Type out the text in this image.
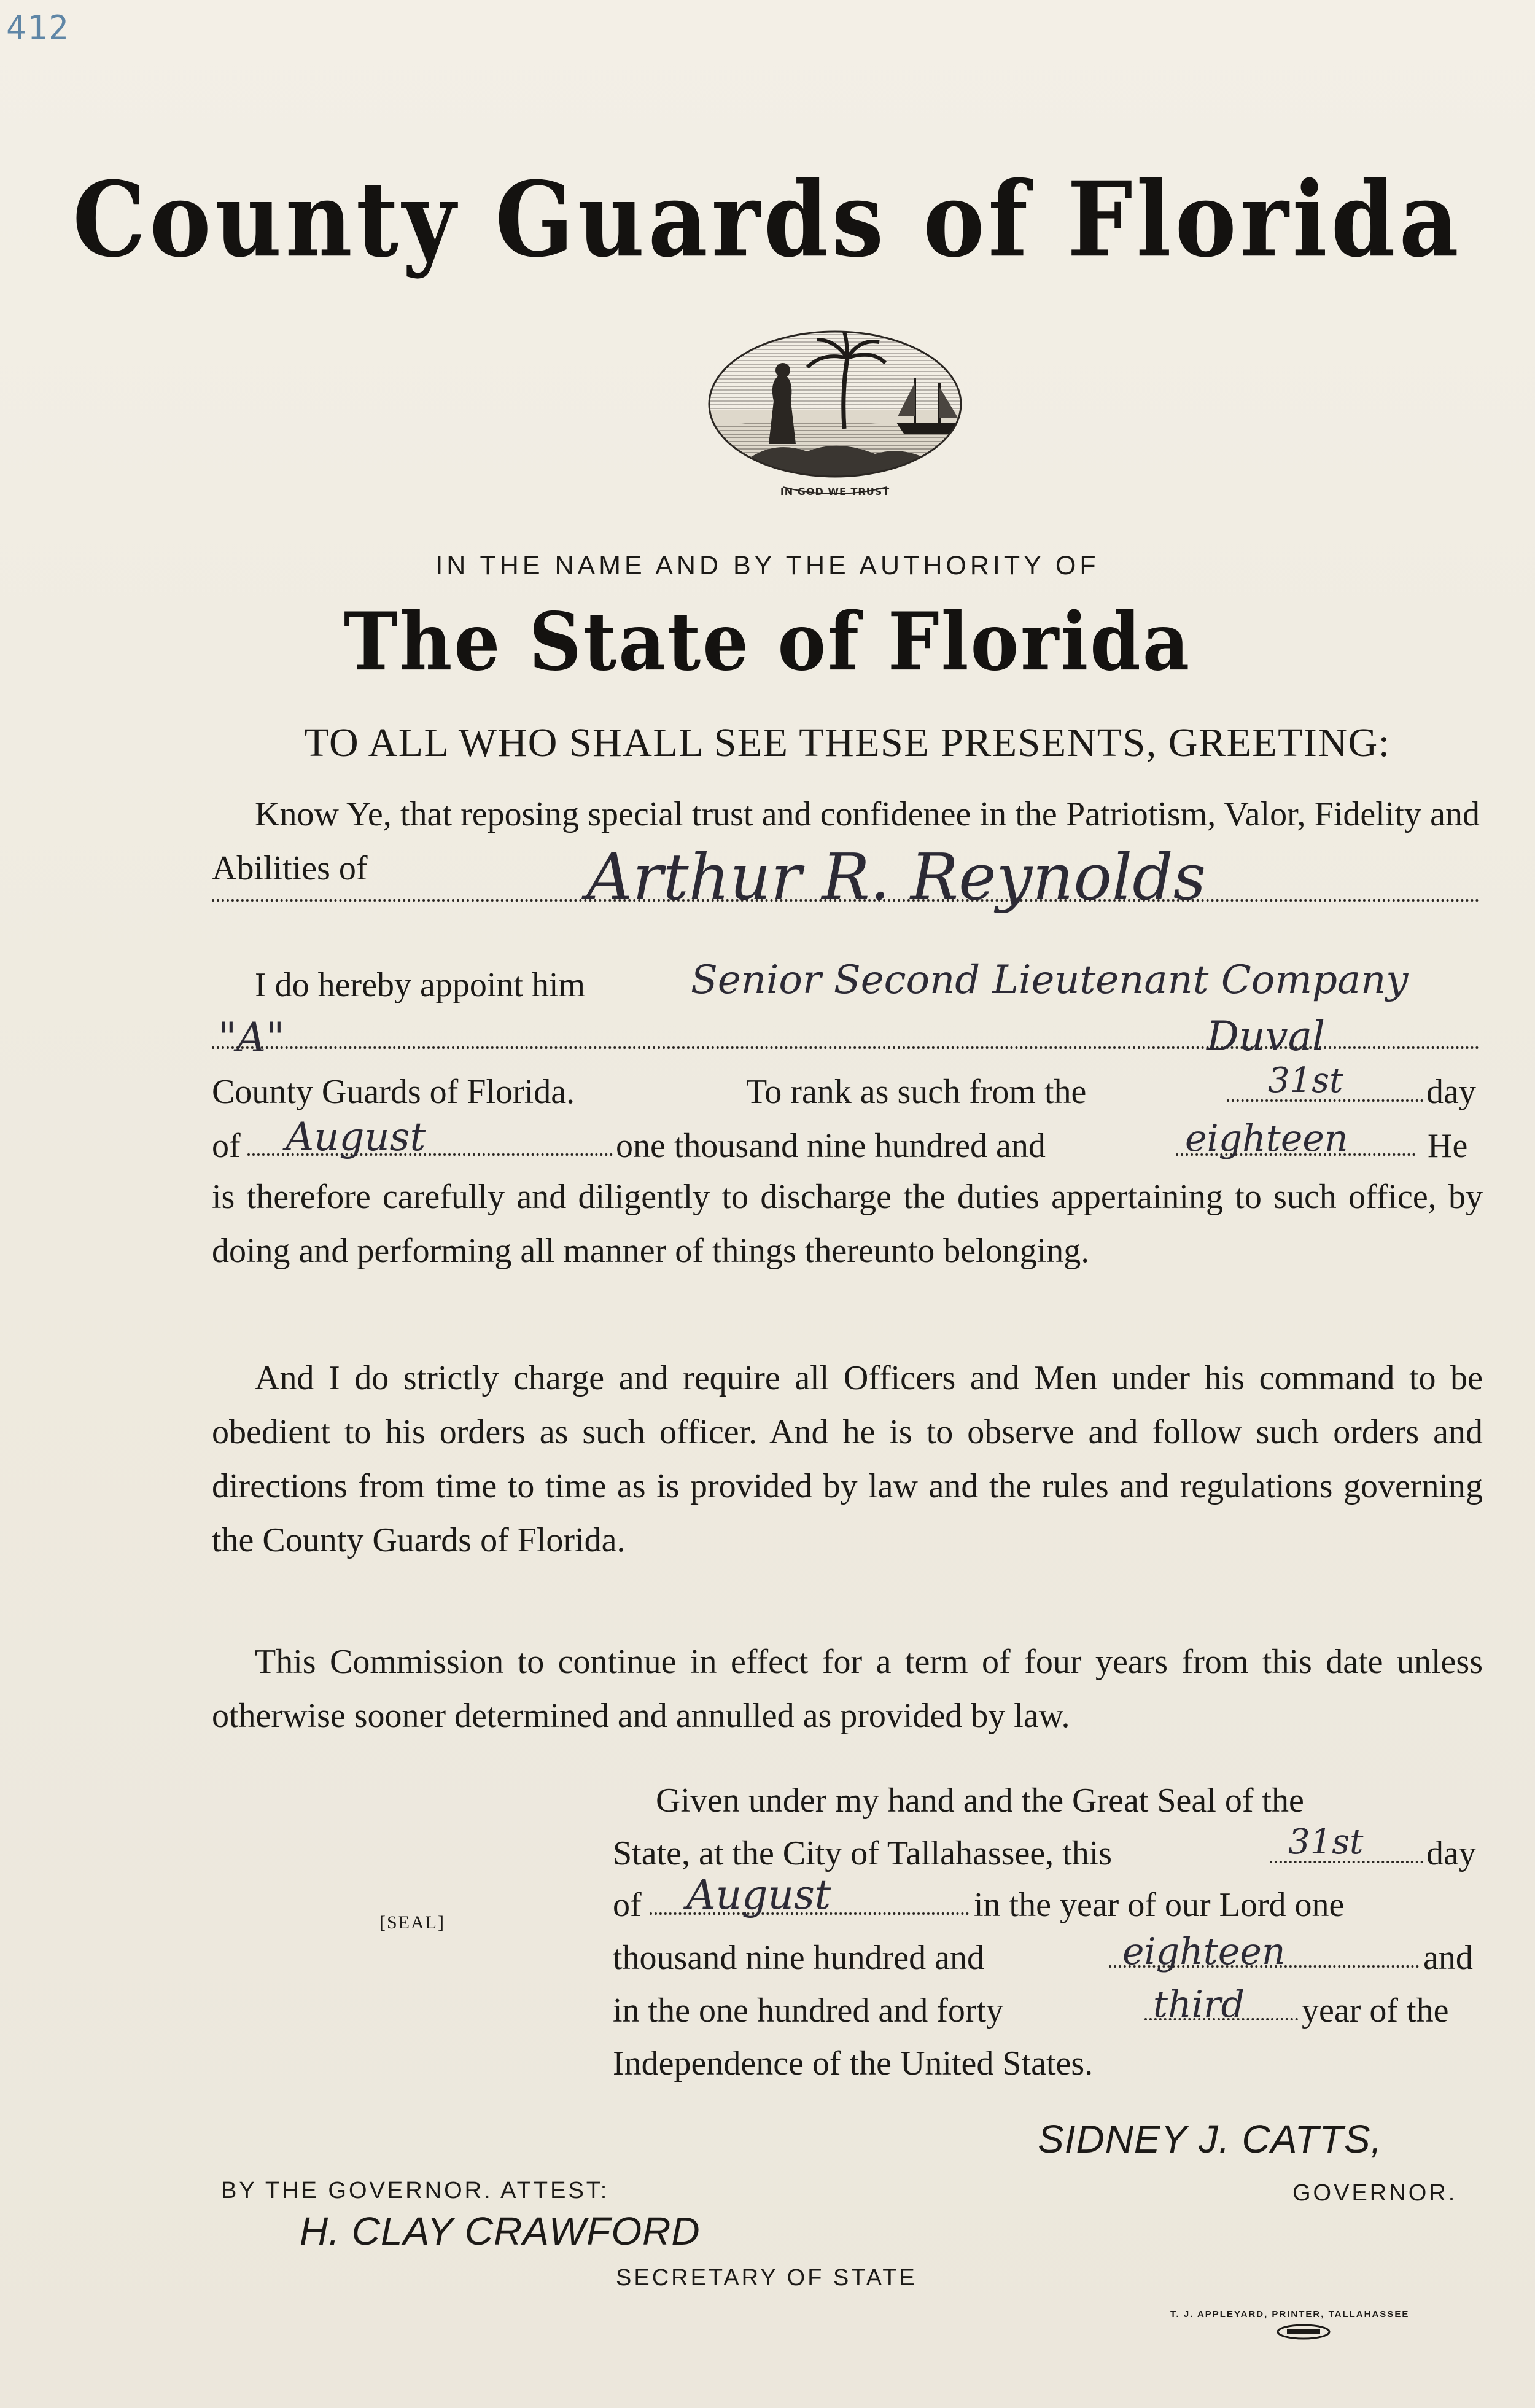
412
County Guards of Florida
IN GOD WE TRUST
IN THE NAME AND BY THE AUTHORITY OF
The State of Florida
TO ALL WHO SHALL SEE THESE PRESENTS, GREETING:
Know Ye, that reposing special trust and confidenee in the Patriotism, Valor, Fidelity and Abilities of	Arthur R. Reynolds
I do hereby appoint him	Senior Second Lieutenant Company
"A"	Duval
County Guards of Florida.	To rank as such from the	31st day
of August	one thousand nine hundred and	eighteen He
is therefore carefully and diligently to discharge the duties appertaining to such office, by doing and performing all manner of things thereunto belonging.
And I do strictly charge and require all Officers and Men under his command to be obedient to his orders as such officer. And he is to observe and follow such orders and directions from time to time as is provided by law and the rules and regulations governing the County Guards of Florida.
This Commission to continue in effect for a term of four years from this date unless otherwise sooner determined and annulled as provided by law.
Given under my hand and the Great Seal of the
State, at the City of Tallahassee, this	31st day
of August	in the year of our Lord one
thousand nine hundred and	eighteen	and
in the one hundred and forty	third year of the
Independence of the United States.
[SEAL]
SIDNEY J. CATTS,
GOVERNOR.
BY THE GOVERNOR. ATTEST:
H. CLAY CRAWFORD
SECRETARY OF STATE
T. J. APPLEYARD, PRINTER, TALLAHASSEE
